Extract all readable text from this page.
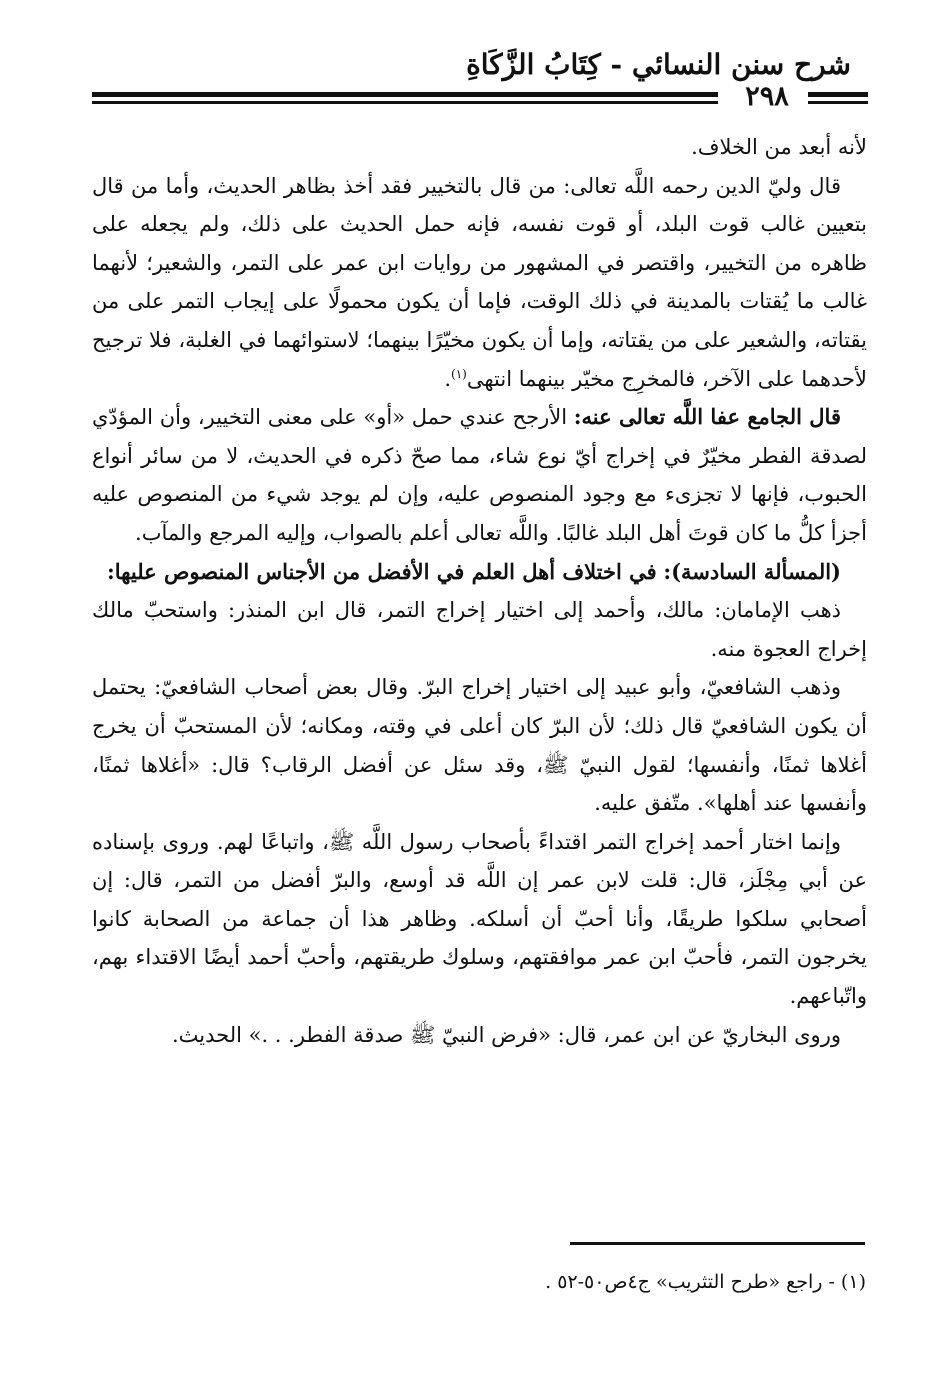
شرح سنن النسائي - كِتَابُ الزَّكَاةِ
٢٩٨

لأنه أبعد من الخلاف.

قال وليّ الدين رحمه اللَّه تعالى: من قال بالتخيير فقد أخذ بظاهر الحديث، وأما من قال بتعيين غالب قوت البلد، أو قوت نفسه، فإنه حمل الحديث على ذلك، ولم يجعله على ظاهره من التخيير، واقتصر في المشهور من روايات ابن عمر على التمر، والشعير؛ لأنهما غالب ما يُقتات بالمدينة في ذلك الوقت، فإما أن يكون محمولًا على إيجاب التمر على من يقتاته، والشعير على من يقتاته، وإما أن يكون مخيّرًا بينهما؛ لاستوائهما في الغلبة، فلا ترجيح لأحدهما على الآخر، فالمخرِج مخيّر بينهما انتهى$^{(١)}$.

قال الجامع عفا اللَّه تعالى عنه: الأرجح عندي حمل «أو» على معنى التخيير، وأن المؤدّي لصدقة الفطر مخيّرٌ في إخراج أيّ نوع شاء، مما صحّ ذكره في الحديث، لا من سائر أنواع الحبوب، فإنها لا تجزىء مع وجود المنصوص عليه، وإن لم يوجد شيء من المنصوص عليه أجزأ كلُّ ما كان قوتَ أهل البلد غالبًا. واللَّه تعالى أعلم بالصواب، وإليه المرجع والمآب.

(المسألة السادسة): في اختلاف أهل العلم في الأفضل من الأجناس المنصوص عليها:

ذهب الإمامان: مالك، وأحمد إلى اختيار إخراج التمر، قال ابن المنذر: واستحبّ مالك إخراج العجوة منه.

وذهب الشافعيّ، وأبو عبيد إلى اختيار إخراج البرّ. وقال بعض أصحاب الشافعيّ: يحتمل أن يكون الشافعيّ قال ذلك؛ لأن البرّ كان أعلى في وقته، ومكانه؛ لأن المستحبّ أن يخرج أغلاها ثمنًا، وأنفسها؛ لقول النبيّ ﷺ، وقد سئل عن أفضل الرقاب؟ قال: «أغلاها ثمنًا، وأنفسها عند أهلها». متّفق عليه.

وإنما اختار أحمد إخراج التمر اقتداءً بأصحاب رسول اللَّه ﷺ، واتباعًا لهم. وروى بإسناده عن أبي مِجْلَز، قال: قلت لابن عمر إن اللَّه قد أوسع، والبرّ أفضل من التمر، قال: إن أصحابي سلكوا طريقًا، وأنا أحبّ أن أسلكه. وظاهر هذا أن جماعة من الصحابة كانوا يخرجون التمر، فأحبّ ابن عمر موافقتهم، وسلوك طريقتهم، وأحبّ أحمد أيضًا الاقتداء بهم، واتّباعهم.

وروى البخاريّ عن ابن عمر، قال: «فرض النبيّ ﷺ صدقة الفطر. . .» الحديث.

(١) - راجع «طرح التثريب» ج٤ص٥٠-٥٢ .
